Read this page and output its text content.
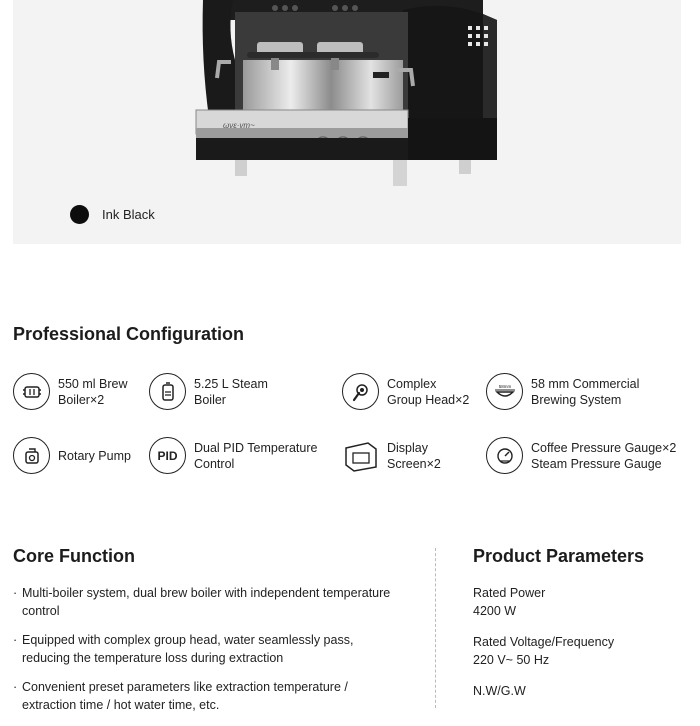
ωνε·vm~
Ink Black
Professional Configuration
550 ml Brew
Boiler×2
5.25 L Steam
Boiler
Complex
Group Head×2
58mm 58 mm Commercial
Brewing System
Rotary Pump PID
Dual PID Temperature
Control
Display
Screen×2
Coffee Pressure Gauge×2
Steam Pressure Gauge
Core Function
· Multi-boiler system, dual brew boiler with independent temperature control
· Equipped with complex group head, water seamlessly pass, reducing the temperature loss during extraction
· Convenient preset parameters like extraction temperature / extraction time / hot water time, etc.
Product Parameters
Rated Power
4200 W
Rated Voltage/Frequency
220 V~ 50 Hz
N.W/G.W
